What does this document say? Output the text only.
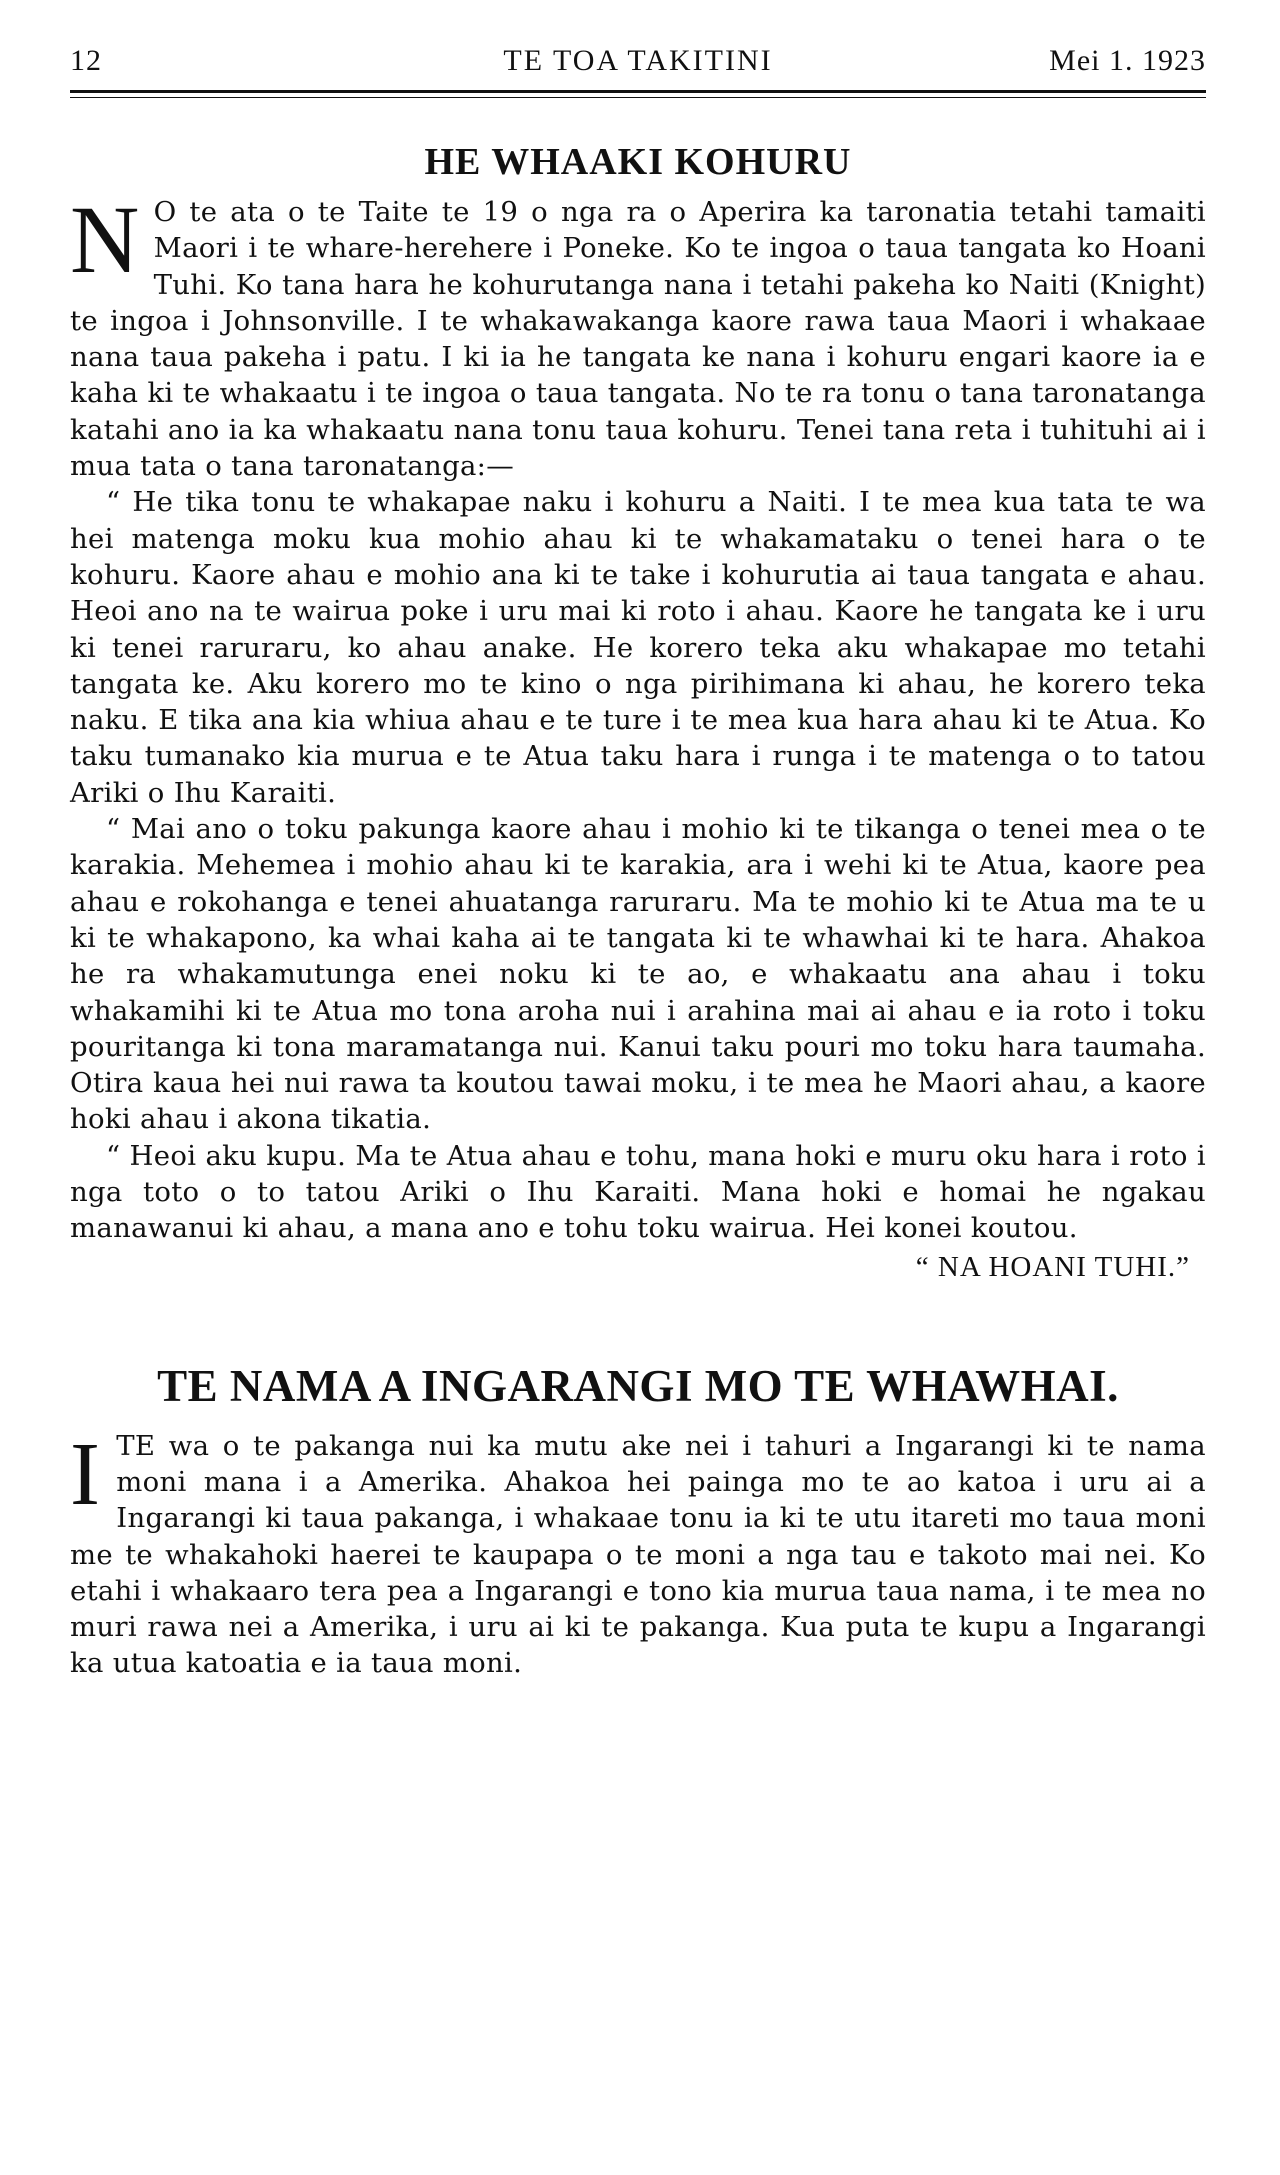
12	TE TOA TAKITINI	Mei 1. 1923
HE WHAAKI KOHURU

N O te ata o te Taite te 19 o nga ra o Aperira ka taronatia tetahi tamaiti Maori i te whare-herehere i Poneke. Ko te ingoa o taua tangata ko Hoani Tuhi. Ko tana hara he kohurutanga nana i tetahi pakeha ko Naiti (Knight) te ingoa i Johnsonville. I te whakawakanga kaore rawa taua Maori i whakaae nana taua pakeha i patu. I ki ia he tangata ke nana i kohuru engari kaore ia e kaha ki te whakaatu i te ingoa o taua tangata. No te ra tonu o tana taronatanga katahi ano ia ka whakaatu nana tonu taua kohuru. Tenei tana reta i tuhituhi ai i mua tata o tana taronatanga:—

“ He tika tonu te whakapae naku i kohuru a Naiti. I te mea kua tata te wa hei matenga moku kua mohio ahau ki te whakamataku o tenei hara o te kohuru. Kaore ahau e mohio ana ki te take i kohurutia ai taua tangata e ahau. Heoi ano na te wairua poke i uru mai ki roto i ahau. Kaore he tangata ke i uru ki tenei raruraru, ko ahau anake. He korero teka aku whakapae mo tetahi tangata ke. Aku korero mo te kino o nga pirihimana ki ahau, he korero teka naku. E tika ana kia whiua ahau e te ture i te mea kua hara ahau ki te Atua. Ko taku tumanako kia murua e te Atua taku hara i runga i te matenga o to tatou Ariki o Ihu Karaiti.

“ Mai ano o toku pakunga kaore ahau i mohio ki te tikanga o tenei mea o te karakia. Mehemea i mohio ahau ki te karakia, ara i wehi ki te Atua, kaore pea ahau e rokohanga e tenei ahuatanga raruraru. Ma te mohio ki te Atua ma te u ki te whakapono, ka whai kaha ai te tangata ki te whawhai ki te hara. Ahakoa he ra whakamutunga enei noku ki te ao, e whakaatu ana ahau i toku whakamihi ki te Atua mo tona aroha nui i arahina mai ai ahau e ia roto i toku pouritanga ki tona maramatanga nui. Kanui taku pouri mo toku hara taumaha. Otira kaua hei nui rawa ta koutou tawai moku, i te mea he Maori ahau, a kaore hoki ahau i akona tikatia.

“ Heoi aku kupu. Ma te Atua ahau e tohu, mana hoki e muru oku hara i roto i nga toto o to tatou Ariki o Ihu Karaiti. Mana hoki e homai he ngakau manawanui ki ahau, a mana ano e tohu toku wairua. Hei konei koutou.

“ NA HOANI TUHI.”
TE NAMA A INGARANGI MO TE WHAWHAI.

ITE wa o te pakanga nui ka mutu ake nei i tahuri a Ingarangi ki te nama moni mana i a Amerika. Ahakoa hei painga mo te ao katoa i uru ai a Ingarangi ki taua pakanga, i whakaae tonu ia ki te utu itareti mo taua moni me te whakahoki haerei te kaupapa o te moni a nga tau e takoto mai nei. Ko etahi i whakaaro tera pea a Ingarangi e tono kia murua taua nama, i te mea no muri rawa nei a Amerika, i uru ai ki te pakanga. Kua puta te kupu a Ingarangi ka utua katoatia e ia taua moni.
